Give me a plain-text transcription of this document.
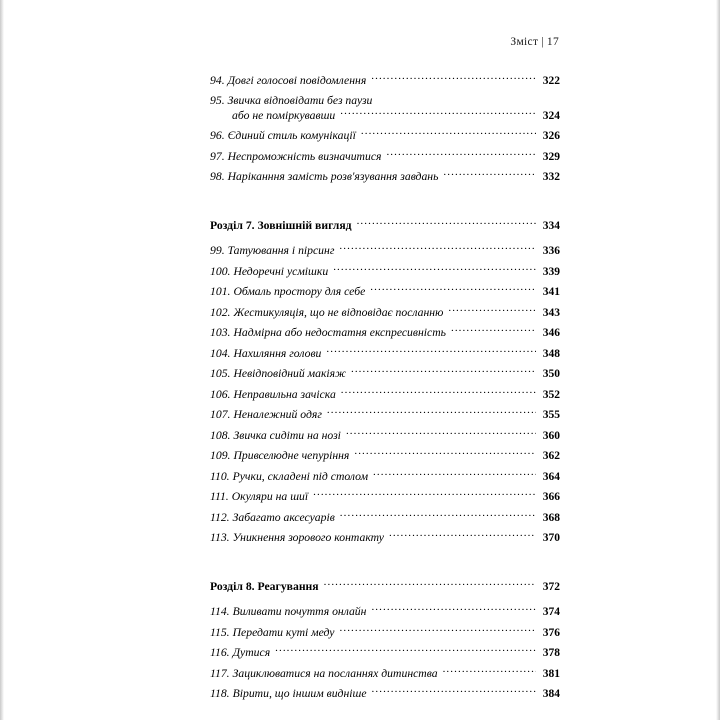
Зміст | 17
94. Довгі голосові повідомлення .....	322
95. Звичка відповідати без паузи
або не поміркувавши .....	324
96. Єдиний стиль комунікації .....	326
97. Неспроможність визначитися .....	329
98. Наріканння замість розв'язування завдань .....	332
Розділ 7. Зовнішній вигляд .....	334
99. Татуювання і пірсинг .....	336
100. Недоречні усмішки .....	339
101. Обмаль простору для себе .....	341
102. Жестикуляція, що не відповідає посланню .....	343
103. Надмірна або недостатня експресивність .....	346
104. Нахиляння голови .....	348
105. Невідповідний макіяж .....	350
106. Неправильна зачіска .....	352
107. Неналежний одяг .....	355
108. Звичка сидіти на нозі .....	360
109. Привселюдне чепуріння .....	362
110. Ручки, складені під столом .....	364
111. Окуляри на шиї .....	366
112. Забагато аксесуарів .....	368
113. Уникнення зорового контакту .....	370
Розділ 8. Реагування .....	372
114. Виливати почуття онлайн .....	374
115. Передати куті меду .....	376
116. Дутися .....	378
117. Зациклюватися на посланнях дитинства .....	381
118. Вірити, що іншим видніше .....	384
